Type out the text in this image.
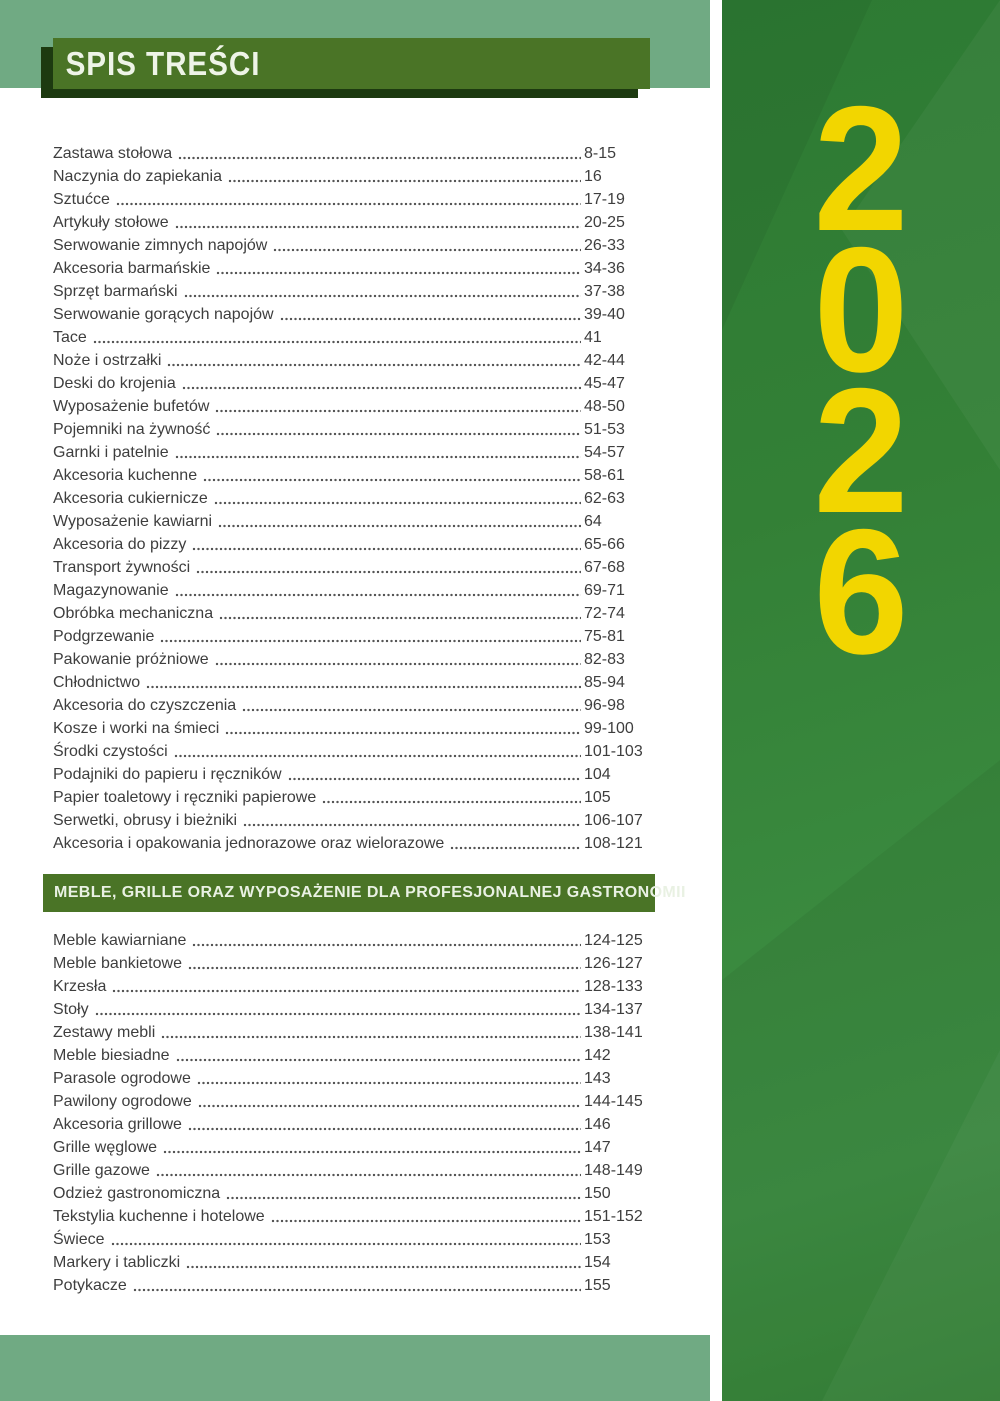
SPIS TREŚCI
Zastawa stołowa	8-15
Naczynia do zapiekania	16
Sztućce	17-19
Artykuły stołowe	20-25
Serwowanie zimnych napojów	26-33
Akcesoria barmańskie	34-36
Sprzęt barmański	37-38
Serwowanie gorących napojów	39-40
Tace	41
Noże i ostrzałki	42-44
Deski do krojenia	45-47
Wyposażenie bufetów	48-50
Pojemniki na żywność	51-53
Garnki i patelnie	54-57
Akcesoria kuchenne	58-61
Akcesoria cukiernicze	62-63
Wyposażenie kawiarni	64
Akcesoria do pizzy	65-66
Transport żywności	67-68
Magazynowanie	69-71
Obróbka mechaniczna	72-74
Podgrzewanie	75-81
Pakowanie próżniowe	82-83
Chłodnictwo	85-94
Akcesoria do czyszczenia	96-98
Kosze i worki na śmieci	99-100
Środki czystości	101-103
Podajniki do papieru i ręczników	104
Papier toaletowy i ręczniki papierowe	105
Serwetki, obrusy i bieżniki	106-107
Akcesoria i opakowania jednorazowe oraz wielorazowe	108-121
MEBLE, GRILLE ORAZ WYPOSAŻENIE DLA PROFESJONALNEJ GASTRONOMII
Meble kawiarniane	124-125
Meble bankietowe	126-127
Krzesła	128-133
Stoły	134-137
Zestawy mebli	138-141
Meble biesiadne	142
Parasole ogrodowe	143
Pawilony ogrodowe	144-145
Akcesoria grillowe	146
Grille węglowe	147
Grille gazowe	148-149
Odzież gastronomiczna	150
Tekstylia kuchenne i hotelowe	151-152
Świece	153
Markery i tabliczki	154
Potykacze	155
2
0
2
6
